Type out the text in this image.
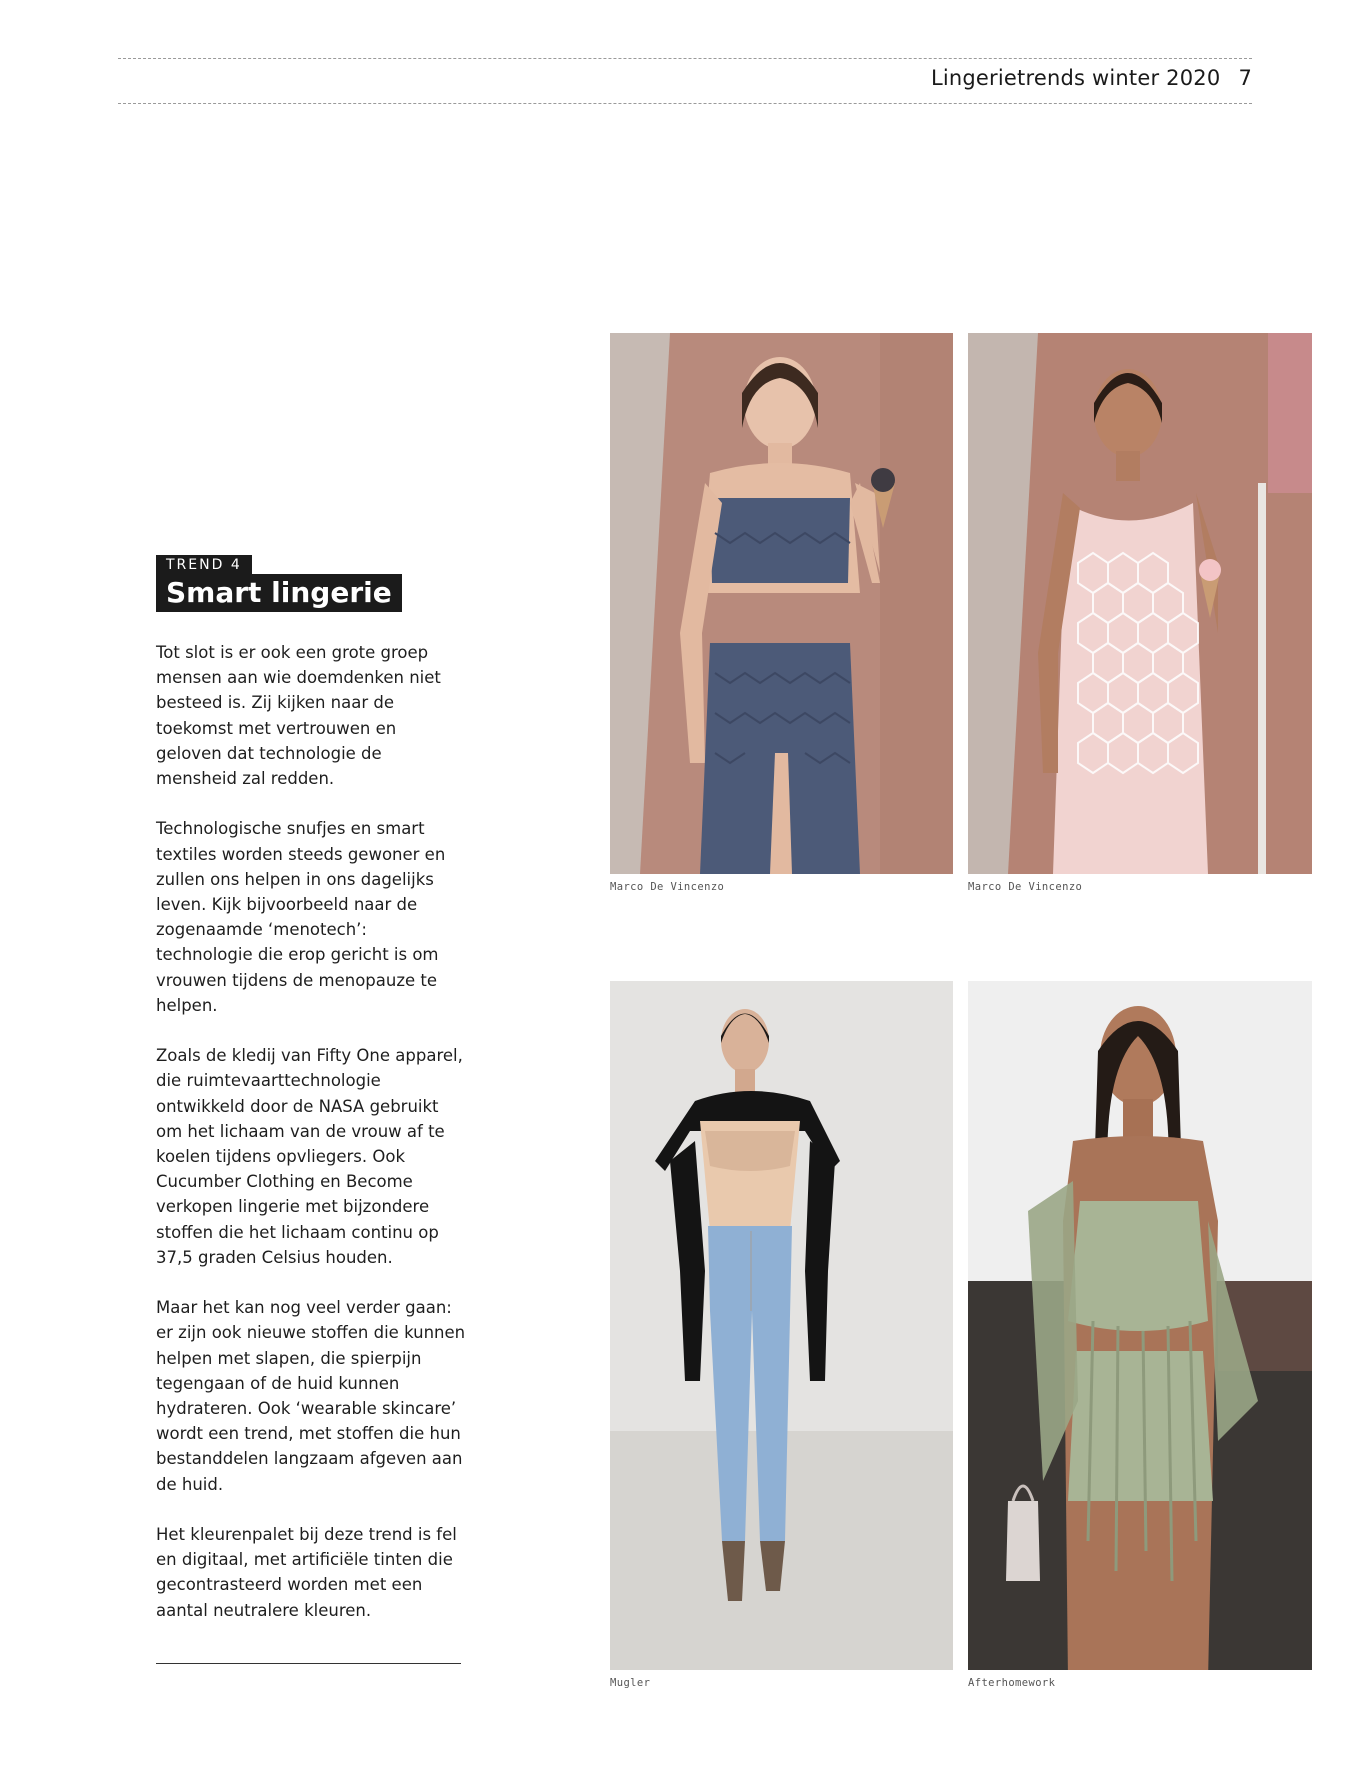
Lingerietrends winter 2020 7
TREND 4
Smart lingerie

Tot slot is er ook een grote groep mensen aan wie doemdenken niet besteed is. Zij kijken naar de toekomst met vertrouwen en geloven dat technologie de mensheid zal redden.

Technologische snufjes en smart textiles worden steeds gewoner en zullen ons helpen in ons dagelijks leven. Kijk bijvoorbeeld naar de zogenaamde ‘menotech’: technologie die erop gericht is om vrouwen tijdens de menopauze te helpen.

Zoals de kledij van Fifty One apparel, die ruimtevaarttechnologie ontwikkeld door de NASA gebruikt om het lichaam van de vrouw af te koelen tijdens opvliegers. Ook Cucumber Clothing en Become verkopen lingerie met bijzondere stoffen die het lichaam continu op 37,5 graden Celsius houden.

Maar het kan nog veel verder gaan: er zijn ook nieuwe stoffen die kunnen helpen met slapen, die spierpijn tegengaan of de huid kunnen hydrateren. Ook ‘wearable skincare’ wordt een trend, met stoffen die hun bestanddelen langzaam afgeven aan de huid.

Het kleurenpalet bij deze trend is fel en digitaal, met artificiële tinten die gecontrasteerd worden met een aantal neutralere kleuren.

Marco De Vincenzo	Marco De Vincenzo
Mugler	Afterhomework
